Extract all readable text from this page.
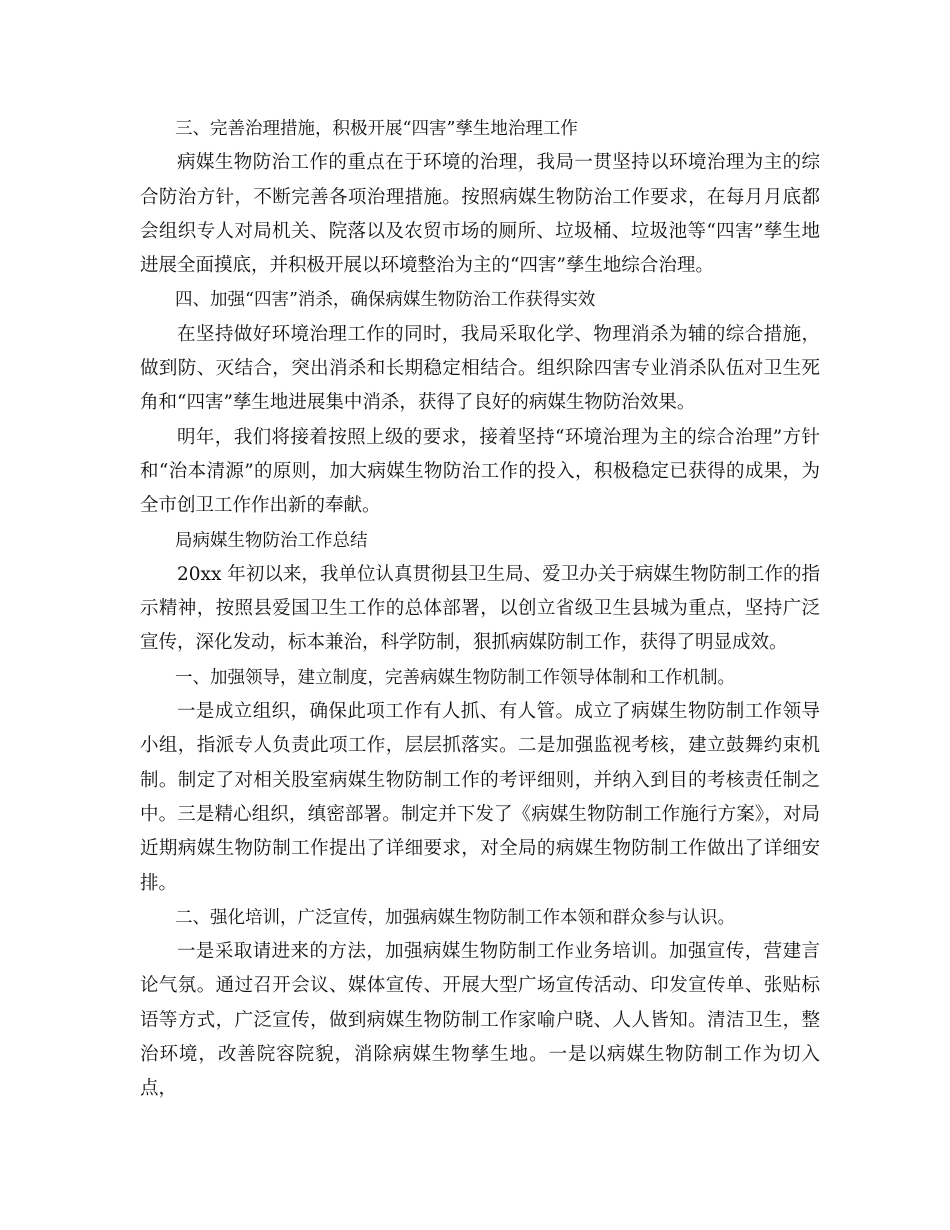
三、完善治理措施，积极开展“四害”孳生地治理工作

病媒生物防治工作的重点在于环境的治理，我局一贯坚持以环境治理为主的综合防治方针，不断完善各项治理措施。按照病媒生物防治工作要求，在每月月底都会组织专人对局机关、院落以及农贸市场的厕所、垃圾桶、垃圾池等“四害”孳生地进展全面摸底，并积极开展以环境整治为主的“四害”孳生地综合治理。

四、加强“四害”消杀，确保病媒生物防治工作获得实效

在坚持做好环境治理工作的同时，我局采取化学、物理消杀为辅的综合措施，做到防、灭结合，突出消杀和长期稳定相结合。组织除四害专业消杀队伍对卫生死角和“四害”孳生地进展集中消杀，获得了良好的病媒生物防治效果。

明年，我们将接着按照上级的要求，接着坚持“环境治理为主的综合治理”方针和“治本清源”的原则，加大病媒生物防治工作的投入，积极稳定已获得的成果，为全市创卫工作作出新的奉献。

局病媒生物防治工作总结

20xx 年初以来，我单位认真贯彻县卫生局、爱卫办关于病媒生物防制工作的指示精神，按照县爱国卫生工作的总体部署，以创立省级卫生县城为重点，坚持广泛宣传，深化发动，标本兼治，科学防制，狠抓病媒防制工作，获得了明显成效。

一、加强领导，建立制度，完善病媒生物防制工作领导体制和工作机制。

一是成立组织，确保此项工作有人抓、有人管。成立了病媒生物防制工作领导小组，指派专人负责此项工作，层层抓落实。二是加强监视考核，建立鼓舞约束机制。制定了对相关股室病媒生物防制工作的考评细则，并纳入到目的考核责任制之中。三是精心组织，缜密部署。制定并下发了《病媒生物防制工作施行方案》，对局近期病媒生物防制工作提出了详细要求，对全局的病媒生物防制工作做出了详细安排。

二、强化培训，广泛宣传，加强病媒生物防制工作本领和群众参与认识。

一是采取请进来的方法，加强病媒生物防制工作业务培训。加强宣传，营建言论气氛。通过召开会议、媒体宣传、开展大型广场宣传活动、印发宣传单、张贴标语等方式，广泛宣传，做到病媒生物防制工作家喻户晓、人人皆知。清洁卫生，整治环境，改善院容院貌，消除病媒生物孳生地。一是以病媒生物防制工作为切入点，
